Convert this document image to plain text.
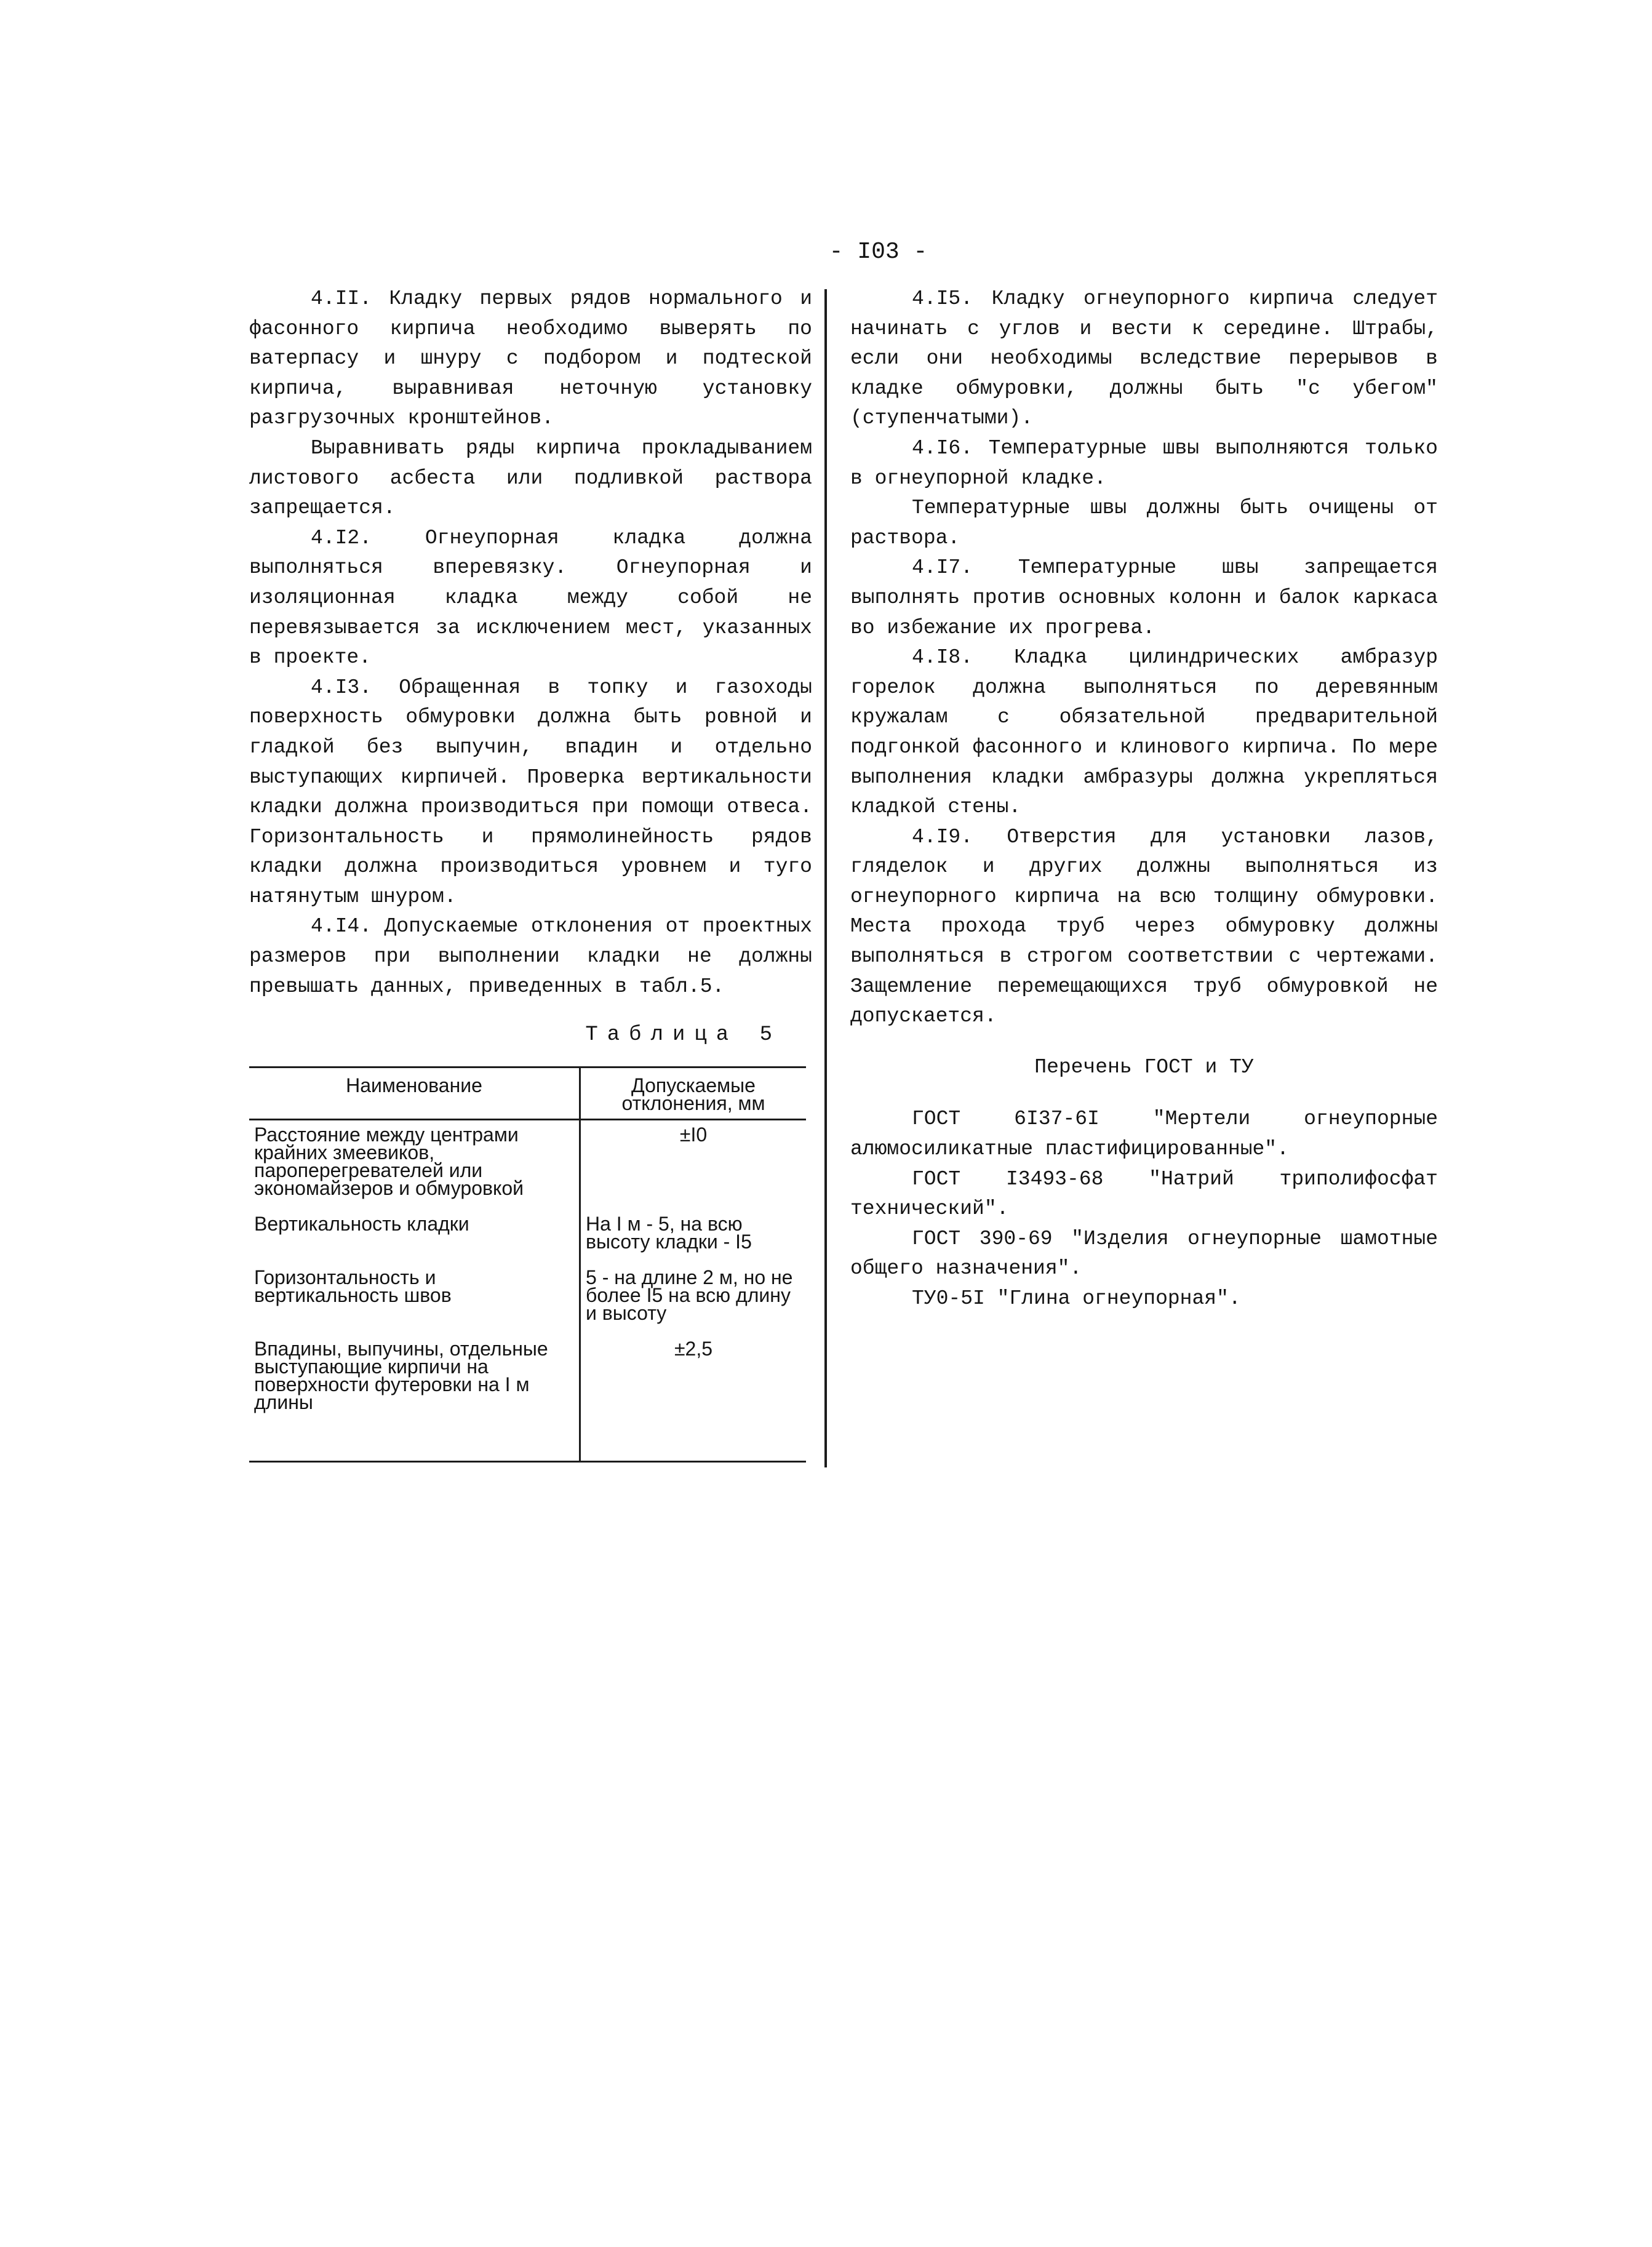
- I03 -

4.II. Кладку первых рядов нормального и фасонного кирпича необходимо выверять по ватерпасу и шнуру с подбором и подтеской кирпича, выравнивая неточную установку разгрузочных кронштейнов.

Выравнивать ряды кирпича прокладыванием листового асбеста или подливкой раствора запрещается.

4.I2. Огнеупорная кладка должна выполняться вперевязку. Огнеупорная и изоляционная кладка между собой не перевязывается за исключением мест, указанных в проекте.

4.I3. Обращенная в топку и газоходы поверхность обмуровки должна быть ровной и гладкой без выпучин, впадин и отдельно выступающих кирпичей. Проверка вертикальности кладки должна производиться при помощи отвеса. Горизонтальность и прямолинейность рядов кладки должна производиться уровнем и туго натянутым шнуром.

4.I4. Допускаемые отклонения от проектных размеров при выполнении кладки не должны превышать данных, приведенных в табл.5.

Таблица 5
Наименование	Допускаемые отклонения, мм
Расстояние между центрами крайних змеевиков, пароперегревателей или экономайзеров и обмуровкой	±I0
Вертикальность кладки	На I м - 5, на всю высоту кладки - I5
Горизонтальность и вертикальность швов	5 - на длине 2 м, но не более I5 на всю длину и высоту
Впадины, выпучины, отдельные выступающие кирпичи на поверхности футеровки на I м длины	±2,5

4.I5. Кладку огнеупорного кирпича следует начинать с углов и вести к середине. Штрабы, если они необходимы вследствие перерывов в кладке обмуровки, должны быть "с убегом" (ступенчатыми).

4.I6. Температурные швы выполняются только в огнеупорной кладке.

Температурные швы должны быть очищены от раствора.

4.I7. Температурные швы запрещается выполнять против основных колонн и балок каркаса во избежание их прогрева.

4.I8. Кладка цилиндрических амбразур горелок должна выполняться по деревянным кружалам с обязательной предварительной подгонкой фасонного и клинового кирпича. По мере выполнения кладки амбразуры должна укрепляться кладкой стены.

4.I9. Отверстия для установки лазов, гляделок и других должны выполняться из огнеупорного кирпича на всю толщину обмуровки. Места прохода труб через обмуровку должны выполняться в строгом соответствии с чертежами. Защемление перемещающихся труб обмуровкой не допускается.

Перечень ГОСТ и ТУ

ГОСТ 6I37-6I "Мертели огнеупорные алюмосиликатные пластифицированные".

ГОСТ I3493-68 "Натрий триполифосфат технический".

ГОСТ 390-69 "Изделия огнеупорные шамотные общего назначения".

ТУ0-5I "Глина огнеупорная".
